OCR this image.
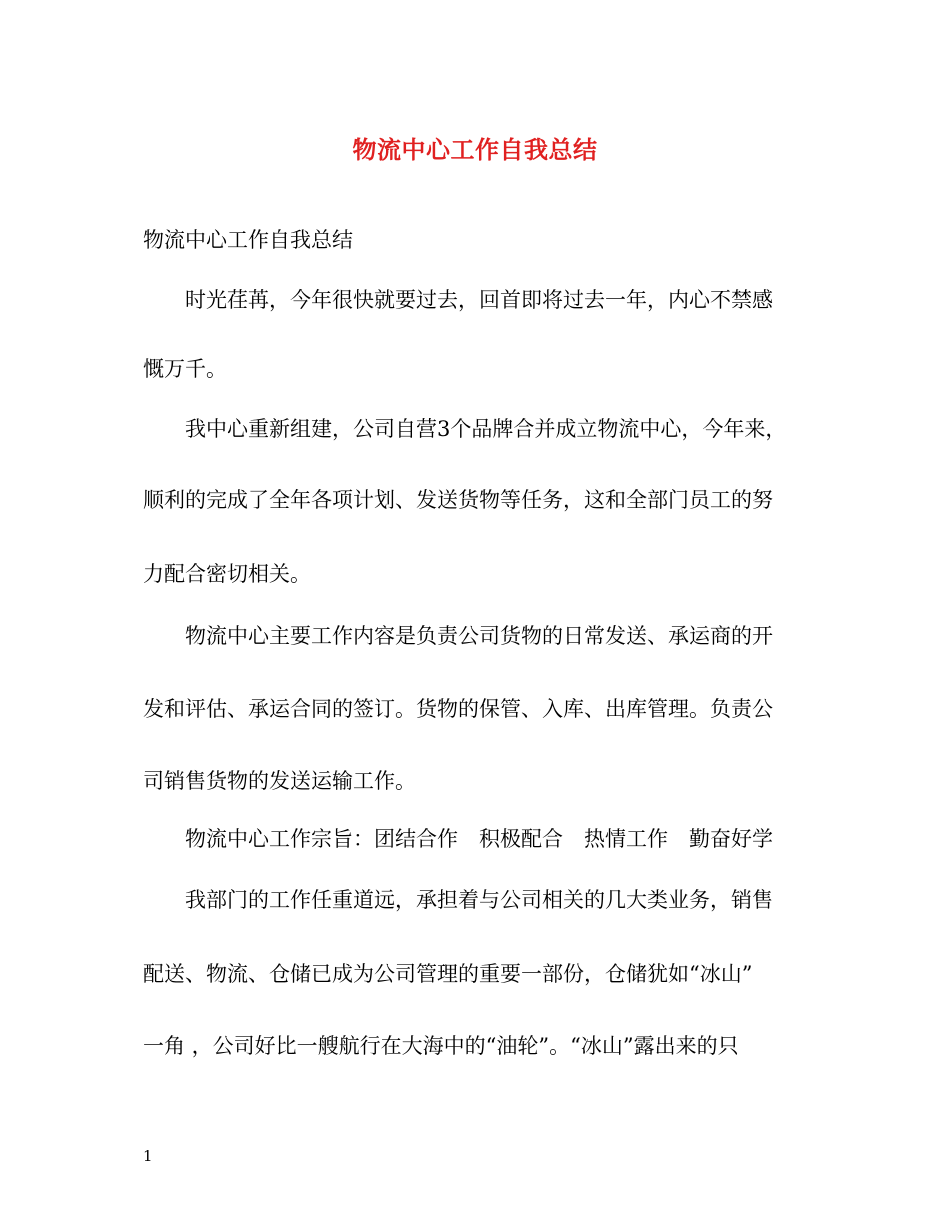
物流中心工作自我总结
物流中心工作自我总结
时光荏苒，今年很快就要过去，回首即将过去一年，内心不禁感
慨万千。
我中心重新组建，公司自营3个品牌合并成立物流中心，今年来，
顺利的完成了全年各项计划、发送货物等任务，这和全部门员工的努
力配合密切相关。
物流中心主要工作内容是负责公司货物的日常发送、承运商的开
发和评估、承运合同的签订。货物的保管、入库、出库管理。负责公
司销售货物的发送运输工作。
物流中心工作宗旨：团结合作　积极配合　热情工作　勤奋好学
我部门的工作任重道远，承担着与公司相关的几大类业务，销售
配送、物流、仓储已成为公司管理的重要一部份，仓储犹如“冰山”
一角 ，公司好比一艘航行在大海中的“油轮”。“冰山”露出来的只
1
